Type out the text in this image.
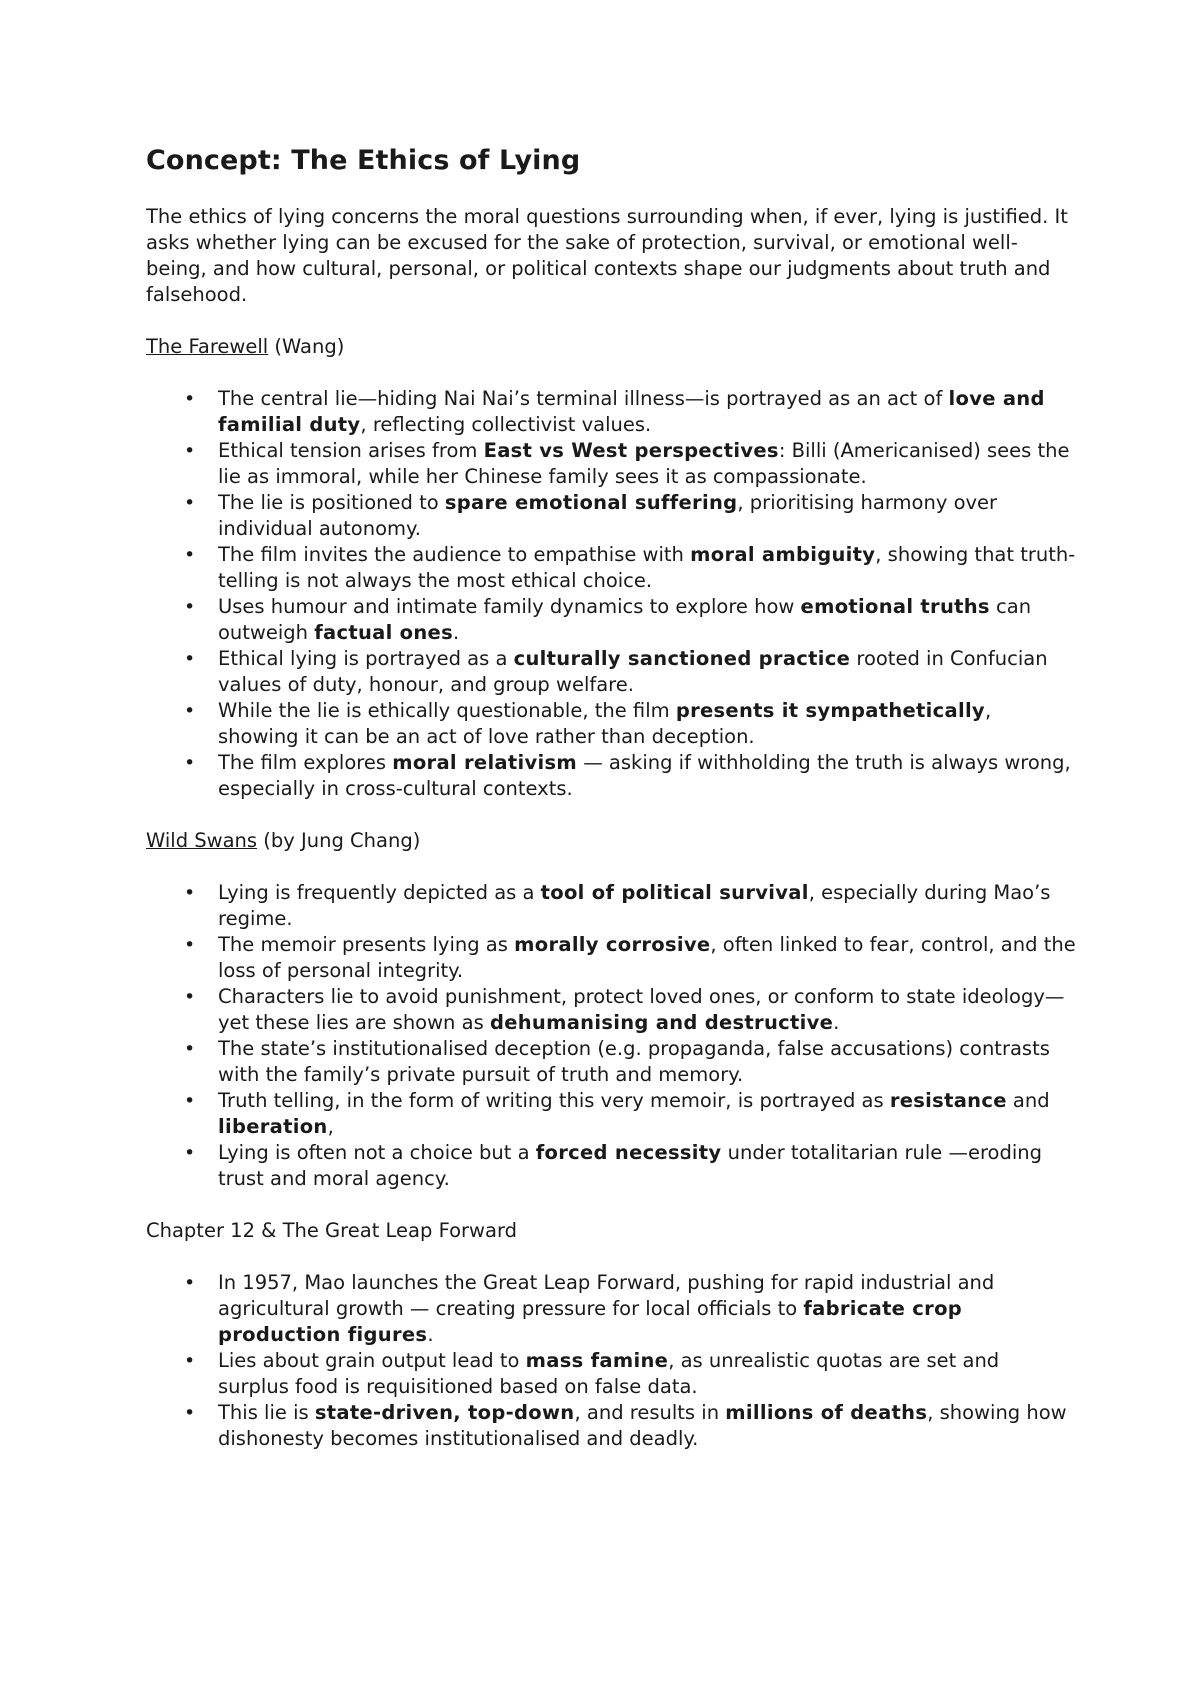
Concept: The Ethics of Lying

The ethics of lying concerns the moral questions surrounding when, if ever, lying is justified. It asks whether lying can be excused for the sake of protection, survival, or emotional well-being, and how cultural, personal, or political contexts shape our judgments about truth and falsehood.

The Farewell (Wang)
• The central lie—hiding Nai Nai’s terminal illness—is portrayed as an act of love and familial duty, reflecting collectivist values.
• Ethical tension arises from East vs West perspectives: Billi (Americanised) sees the lie as immoral, while her Chinese family sees it as compassionate.
• The lie is positioned to spare emotional suffering, prioritising harmony over individual autonomy.
• The film invites the audience to empathise with moral ambiguity, showing that truth-telling is not always the most ethical choice.
• Uses humour and intimate family dynamics to explore how emotional truths can outweigh factual ones.
• Ethical lying is portrayed as a culturally sanctioned practice rooted in Confucian values of duty, honour, and group welfare.
• While the lie is ethically questionable, the film presents it sympathetically, showing it can be an act of love rather than deception.
• The film explores moral relativism — asking if withholding the truth is always wrong, especially in cross-cultural contexts.
Wild Swans (by Jung Chang)
• Lying is frequently depicted as a tool of political survival, especially during Mao’s regime.
• The memoir presents lying as morally corrosive, often linked to fear, control, and the loss of personal integrity.
• Characters lie to avoid punishment, protect loved ones, or conform to state ideology—yet these lies are shown as dehumanising and destructive.
• The state’s institutionalised deception (e.g. propaganda, false accusations) contrasts with the family’s private pursuit of truth and memory.
• Truth telling, in the form of writing this very memoir, is portrayed as resistance and liberation,
• Lying is often not a choice but a forced necessity under totalitarian rule —eroding trust and moral agency.
Chapter 12 & The Great Leap Forward
• In 1957, Mao launches the Great Leap Forward, pushing for rapid industrial and agricultural growth — creating pressure for local officials to fabricate crop production figures.
• Lies about grain output lead to mass famine, as unrealistic quotas are set and surplus food is requisitioned based on false data.
• This lie is state-driven, top-down, and results in millions of deaths, showing how dishonesty becomes institutionalised and deadly.
